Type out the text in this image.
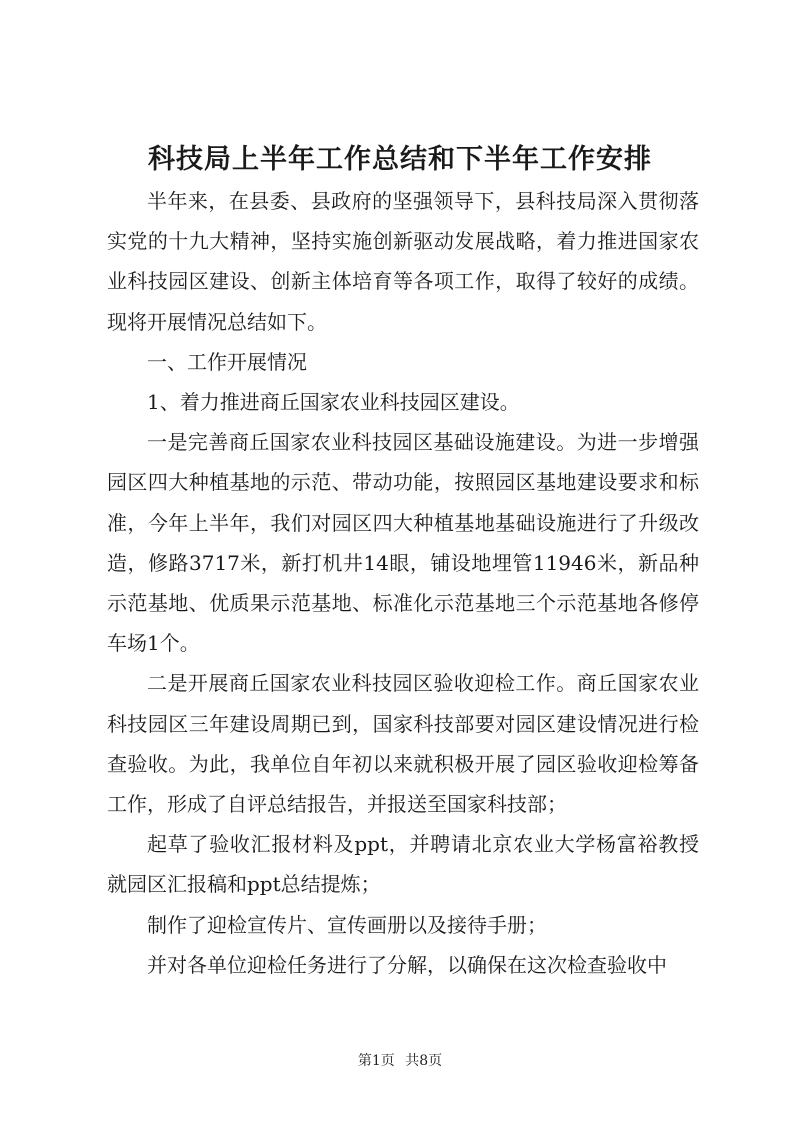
科技局上半年工作总结和下半年工作安排

半年来，在县委、县政府的坚强领导下，县科技局深入贯彻落实党的十九大精神，坚持实施创新驱动发展战略，着力推进国家农业科技园区建设、创新主体培育等各项工作，取得了较好的成绩。现将开展情况总结如下。

一、工作开展情况

1、着力推进商丘国家农业科技园区建设。

一是完善商丘国家农业科技园区基础设施建设。为进一步增强园区四大种植基地的示范、带动功能，按照园区基地建设要求和标准，今年上半年，我们对园区四大种植基地基础设施进行了升级改造，修路3717米，新打机井14眼，铺设地埋管11946米，新品种示范基地、优质果示范基地、标准化示范基地三个示范基地各修停车场1个。

二是开展商丘国家农业科技园区验收迎检工作。商丘国家农业科技园区三年建设周期已到，国家科技部要对园区建设情况进行检查验收。为此，我单位自年初以来就积极开展了园区验收迎检筹备工作，形成了自评总结报告，并报送至国家科技部；

起草了验收汇报材料及ppt，并聘请北京农业大学杨富裕教授就园区汇报稿和ppt总结提炼；

制作了迎检宣传片、宣传画册以及接待手册；

并对各单位迎检任务进行了分解，以确保在这次检查验收中

第1页 共8页
